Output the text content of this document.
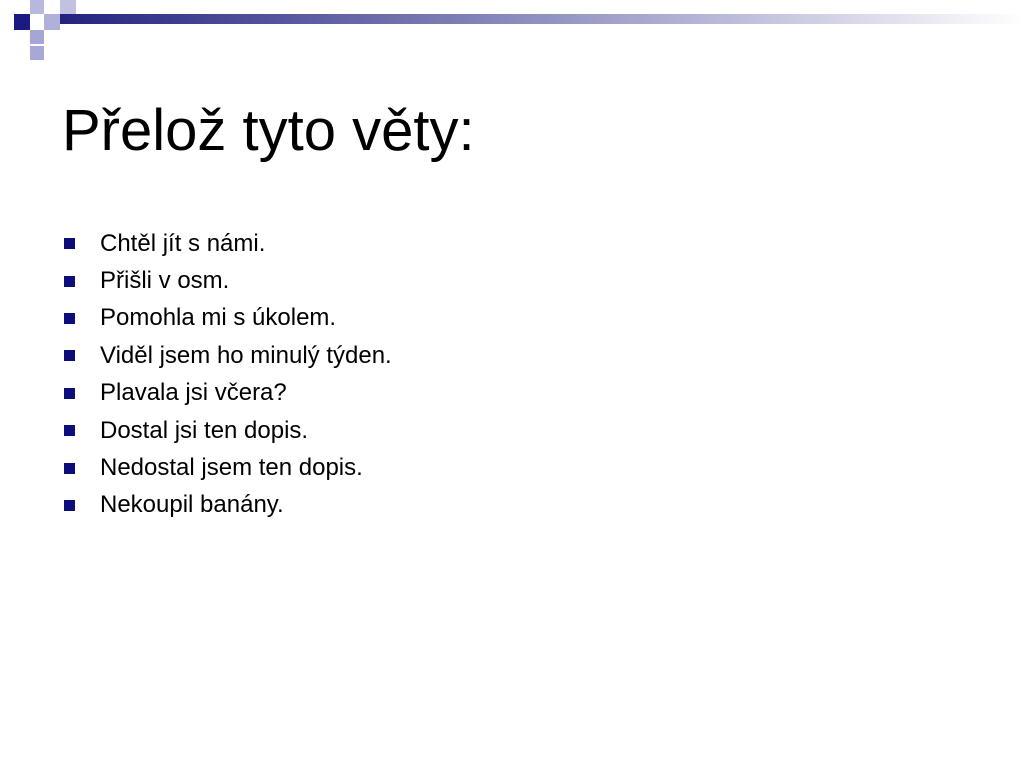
Přelož tyto věty:
Chtěl jít s námi.
Přišli v osm.
Pomohla mi s úkolem.
Viděl jsem ho minulý týden.
Plavala jsi včera?
Dostal jsi ten dopis.
Nedostal jsem ten dopis.
Nekoupil banány.
